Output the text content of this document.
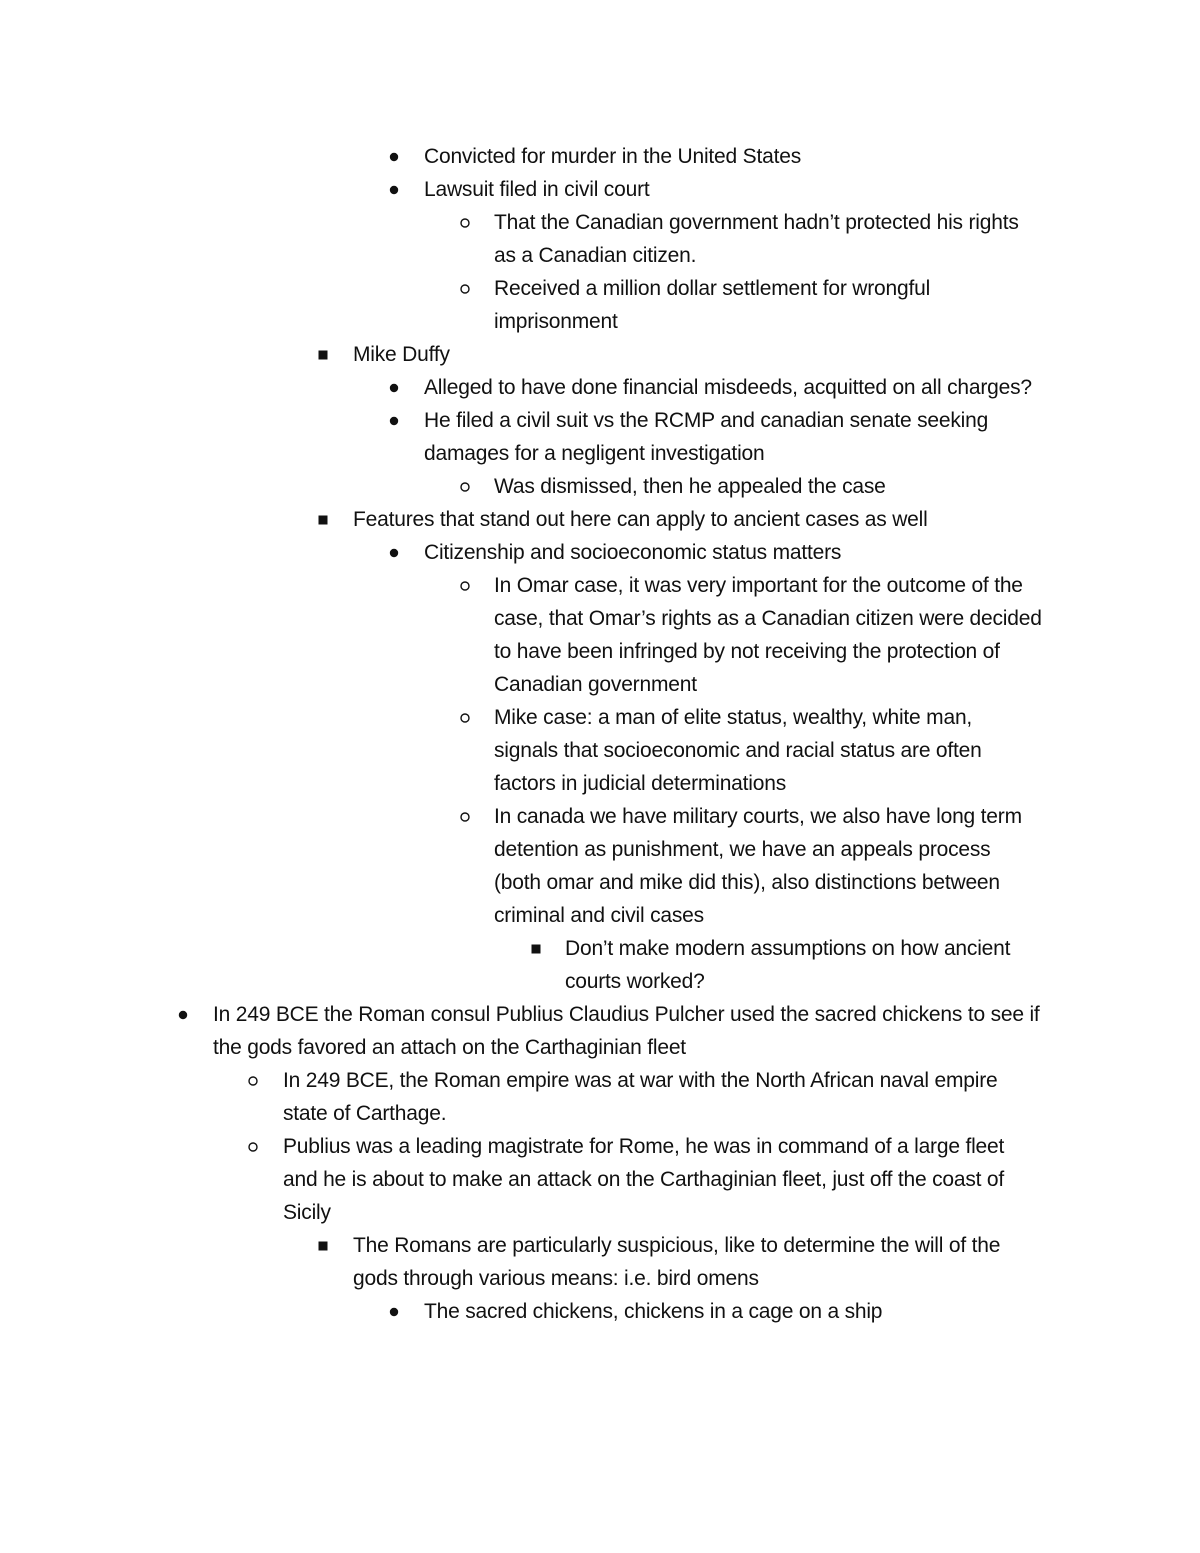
Convicted for murder in the United States
Lawsuit filed in civil court
That the Canadian government hadn’t protected his rights
as a Canadian citizen.
Received a million dollar settlement for wrongful
imprisonment
Mike Duffy
Alleged to have done financial misdeeds, acquitted on all charges?
He filed a civil suit vs the RCMP and canadian senate seeking
damages for a negligent investigation
Was dismissed, then he appealed the case
Features that stand out here can apply to ancient cases as well
Citizenship and socioeconomic status matters
In Omar case, it was very important for the outcome of the
case, that Omar’s rights as a Canadian citizen were decided
to have been infringed by not receiving the protection of
Canadian government
Mike case: a man of elite status, wealthy, white man,
signals that socioeconomic and racial status are often
factors in judicial determinations
In canada we have military courts, we also have long term
detention as punishment, we have an appeals process
(both omar and mike did this), also distinctions between
criminal and civil cases
Don’t make modern assumptions on how ancient
courts worked?
In 249 BCE the Roman consul Publius Claudius Pulcher used the sacred chickens to see if
the gods favored an attach on the Carthaginian fleet
In 249 BCE, the Roman empire was at war with the North African naval empire
state of Carthage.
Publius was a leading magistrate for Rome, he was in command of a large fleet
and he is about to make an attack on the Carthaginian fleet, just off the coast of
Sicily
The Romans are particularly suspicious, like to determine the will of the
gods through various means: i.e. bird omens
The sacred chickens, chickens in a cage on a ship
